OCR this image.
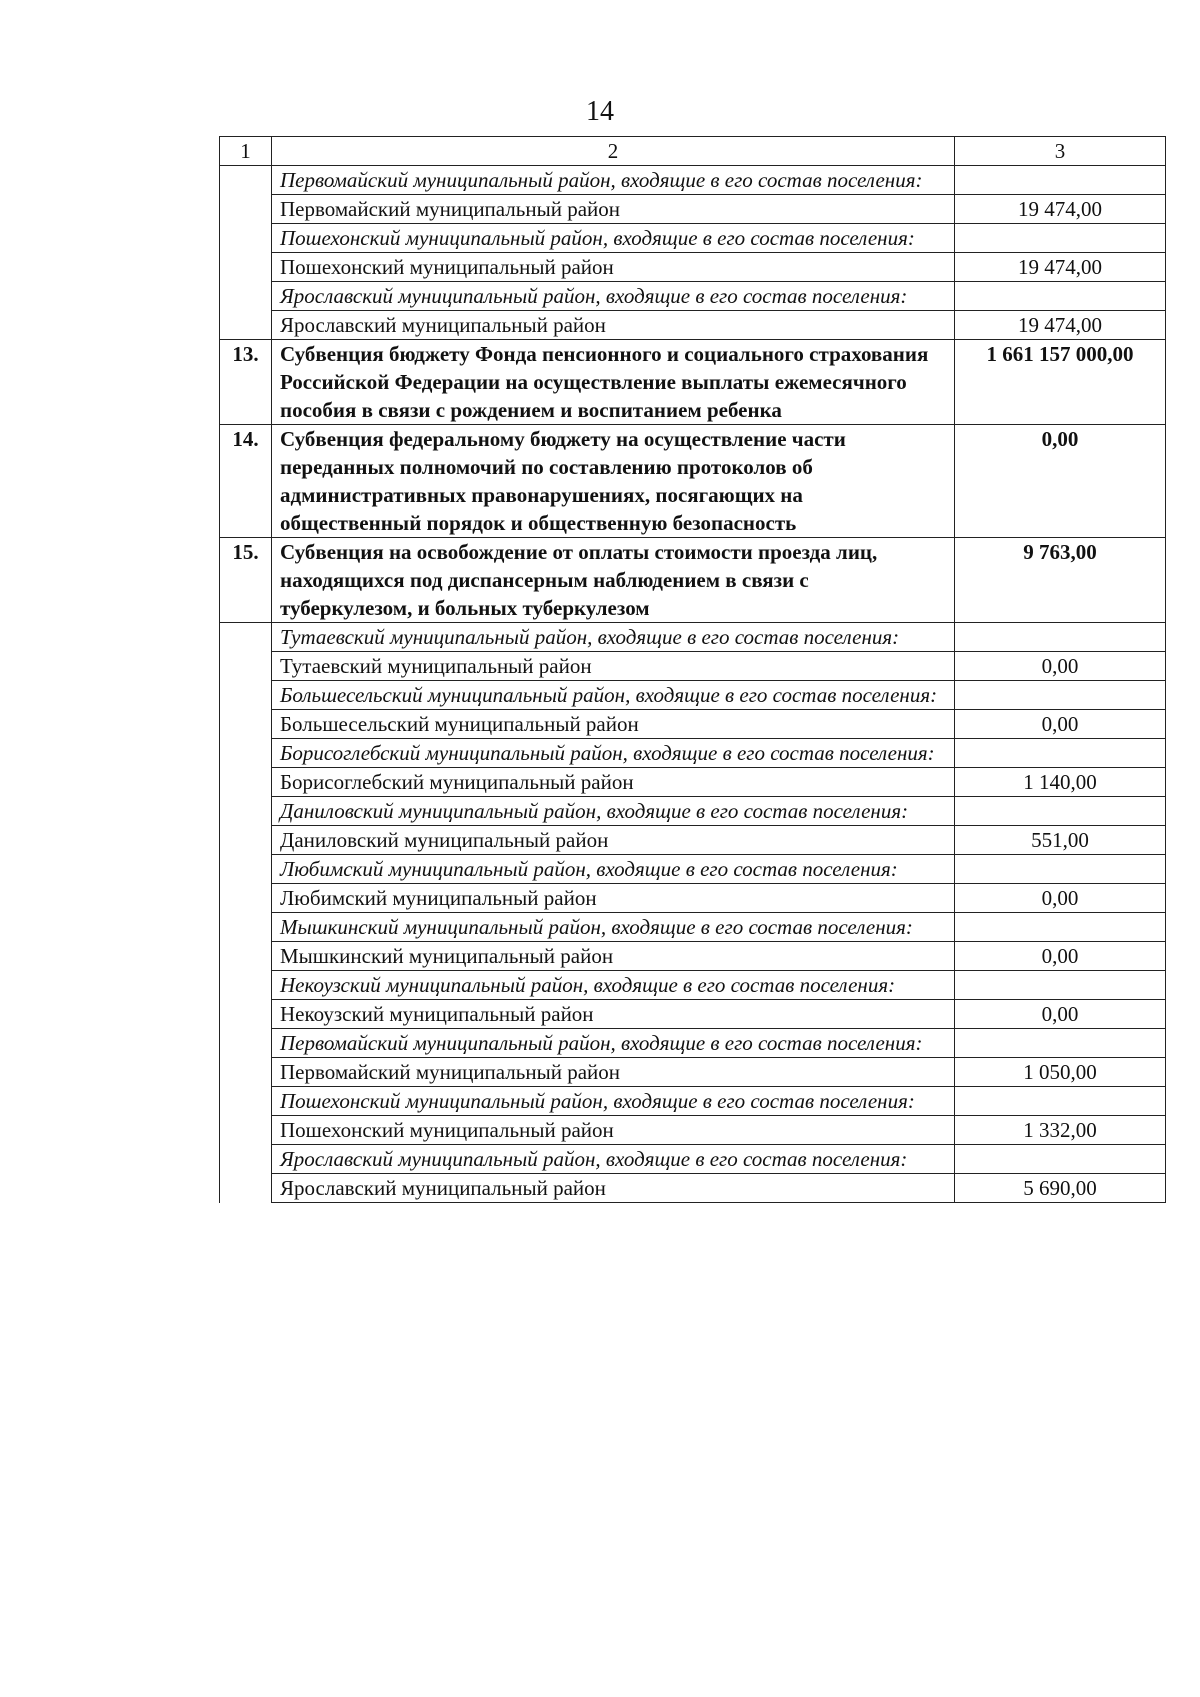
14
1	2	3
	Первомайский муниципальный район, входящие в его состав поселения:	
	Первомайский муниципальный район	19 474,00
	Пошехонский муниципальный район, входящие в его состав поселения:	
	Пошехонский муниципальный район	19 474,00
	Ярославский муниципальный район, входящие в его состав поселения:	
	Ярославский муниципальный район	19 474,00
13.	Субвенция бюджету Фонда пенсионного и социального страхования Российской Федерации на осуществление выплаты ежемесячного пособия в связи с рождением и воспитанием ребенка	1 661 157 000,00
14.	Субвенция федеральному бюджету на осуществление части переданных полномочий по составлению протоколов об административных правонарушениях, посягающих на общественный порядок и общественную безопасность	0,00
15.	Субвенция на освобождение от оплаты стоимости проезда лиц, находящихся под диспансерным наблюдением в связи с туберкулезом, и больных туберкулезом	9 763,00
	Тутаевский муниципальный район, входящие в его состав поселения:	
	Тутаевский муниципальный район	0,00
	Большесельский муниципальный район, входящие в его состав поселения:	
	Большесельский муниципальный район	0,00
	Борисоглебский муниципальный район, входящие в его состав поселения:	
	Борисоглебский муниципальный район	1 140,00
	Даниловский муниципальный район, входящие в его состав поселения:	
	Даниловский муниципальный район	551,00
	Любимский муниципальный район, входящие в его состав поселения:	
	Любимский муниципальный район	0,00
	Мышкинский муниципальный район, входящие в его состав поселения:	
	Мышкинский муниципальный район	0,00
	Некоузский муниципальный район, входящие в его состав поселения:	
	Некоузский муниципальный район	0,00
	Первомайский муниципальный район, входящие в его состав поселения:	
	Первомайский муниципальный район	1 050,00
	Пошехонский муниципальный район, входящие в его состав поселения:	
	Пошехонский муниципальный район	1 332,00
	Ярославский муниципальный район, входящие в его состав поселения:	
	Ярославский муниципальный район	5 690,00
